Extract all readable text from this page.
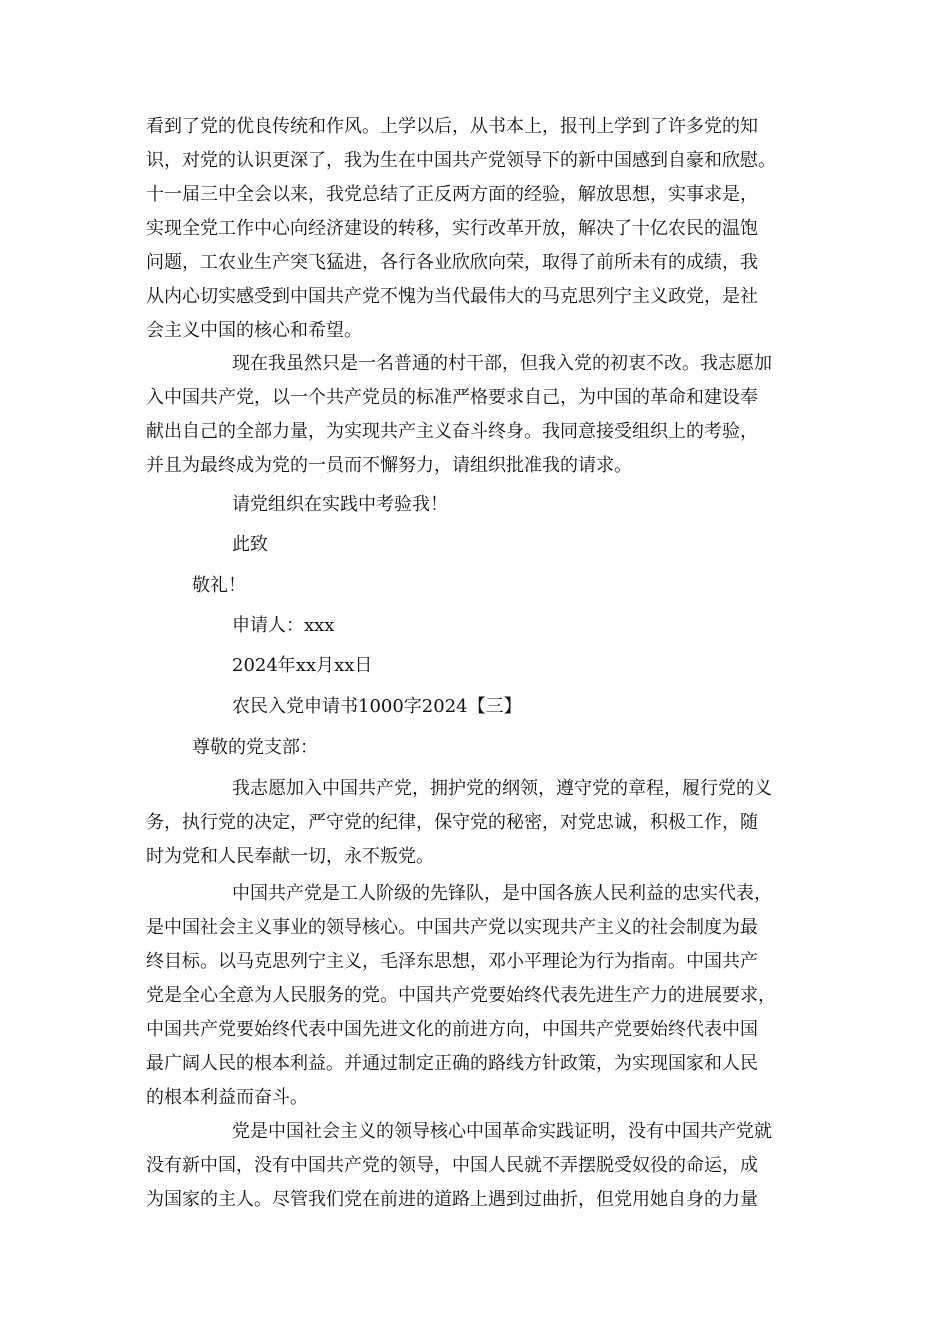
看到了党的优良传统和作风。上学以后，从书本上，报刊上学到了许多党的知
识，对党的认识更深了，我为生在中国共产党领导下的新中国感到自豪和欣慰。
十一届三中全会以来，我党总结了正反两方面的经验，解放思想，实事求是，
实现全党工作中心向经济建设的转移，实行改革开放，解决了十亿农民的温饱
问题，工农业生产突飞猛进，各行各业欣欣向荣，取得了前所未有的成绩，我
从内心切实感受到中国共产党不愧为当代最伟大的马克思列宁主义政党，是社
会主义中国的核心和希望。
现在我虽然只是一名普通的村干部，但我入党的初衷不改。我志愿加
入中国共产党，以一个共产党员的标准严格要求自己，为中国的革命和建设奉
献出自己的全部力量，为实现共产主义奋斗终身。我同意接受组织上的考验，
并且为最终成为党的一员而不懈努力，请组织批准我的请求。
请党组织在实践中考验我！
此致
敬礼！
申请人：xxx
2024年xx月xx日
农民入党申请书1000字2024【三】
尊敬的党支部：
我志愿加入中国共产党，拥护党的纲领，遵守党的章程，履行党的义
务，执行党的决定，严守党的纪律，保守党的秘密，对党忠诚，积极工作，随
时为党和人民奉献一切，永不叛党。
中国共产党是工人阶级的先锋队，是中国各族人民利益的忠实代表，
是中国社会主义事业的领导核心。中国共产党以实现共产主义的社会制度为最
终目标。以马克思列宁主义，毛泽东思想，邓小平理论为行为指南。中国共产
党是全心全意为人民服务的党。中国共产党要始终代表先进生产力的进展要求，
中国共产党要始终代表中国先进文化的前进方向，中国共产党要始终代表中国
最广阔人民的根本利益。并通过制定正确的路线方针政策，为实现国家和人民
的根本利益而奋斗。
党是中国社会主义的领导核心中国革命实践证明，没有中国共产党就
没有新中国，没有中国共产党的领导，中国人民就不弄摆脱受奴役的命运，成
为国家的主人。尽管我们党在前进的道路上遇到过曲折，但党用她自身的力量
